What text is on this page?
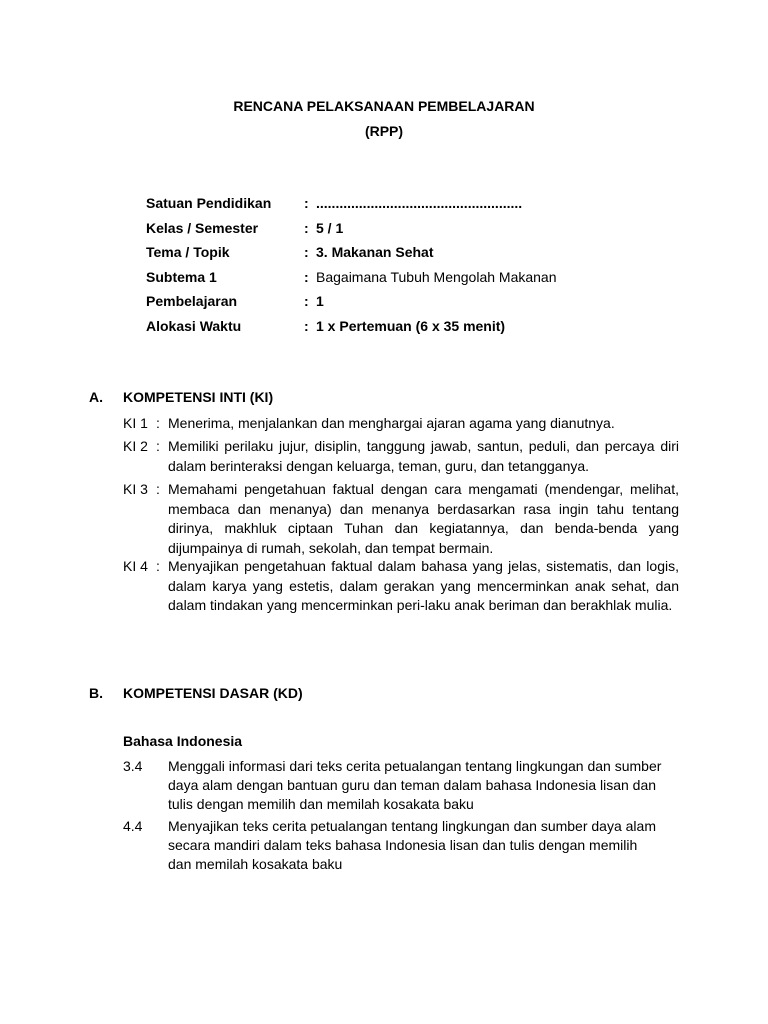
RENCANA PELAKSANAAN PEMBELAJARAN
(RPP)
Satuan Pendidikan : .....................................................
Kelas / Semester	: 5 / 1
Tema / Topik	: 3. Makanan Sehat
Subtema 1	: Bagaimana Tubuh Mengolah Makanan
Pembelajaran	: 1
Alokasi Waktu	: 1 x Pertemuan (6 x 35 menit)
A. KOMPETENSI INTI (KI)
KI 1 : Menerima, menjalankan dan menghargai ajaran agama yang dianutnya.
KI 2 : Memiliki perilaku jujur, disiplin, tanggung jawab, santun, peduli, dan percaya diri dalam berinteraksi dengan keluarga, teman, guru, dan tetangganya.
KI 3 : Memahami pengetahuan faktual dengan cara mengamati (mendengar, melihat, membaca dan menanya) dan menanya berdasarkan rasa ingin tahu tentang dirinya, makhluk ciptaan Tuhan dan kegiatannya, dan benda-benda yang dijumpainya di rumah, sekolah, dan tempat bermain.
KI 4 : Menyajikan pengetahuan faktual dalam bahasa yang jelas, sistematis, dan logis, dalam karya yang estetis, dalam gerakan yang mencerminkan anak sehat, dan dalam tindakan yang mencerminkan peri-laku anak beriman dan berakhlak mulia.
B. KOMPETENSI DASAR (KD)
Bahasa Indonesia
3.4 Menggali informasi dari teks cerita petualangan tentang lingkungan dan sumber daya alam dengan bantuan guru dan teman dalam bahasa Indonesia lisan dan tulis dengan memilih dan memilah kosakata baku
4.4 Menyajikan teks cerita petualangan tentang lingkungan dan sumber daya alam secara mandiri dalam teks bahasa Indonesia lisan dan tulis dengan memilih dan memilah kosakata baku
